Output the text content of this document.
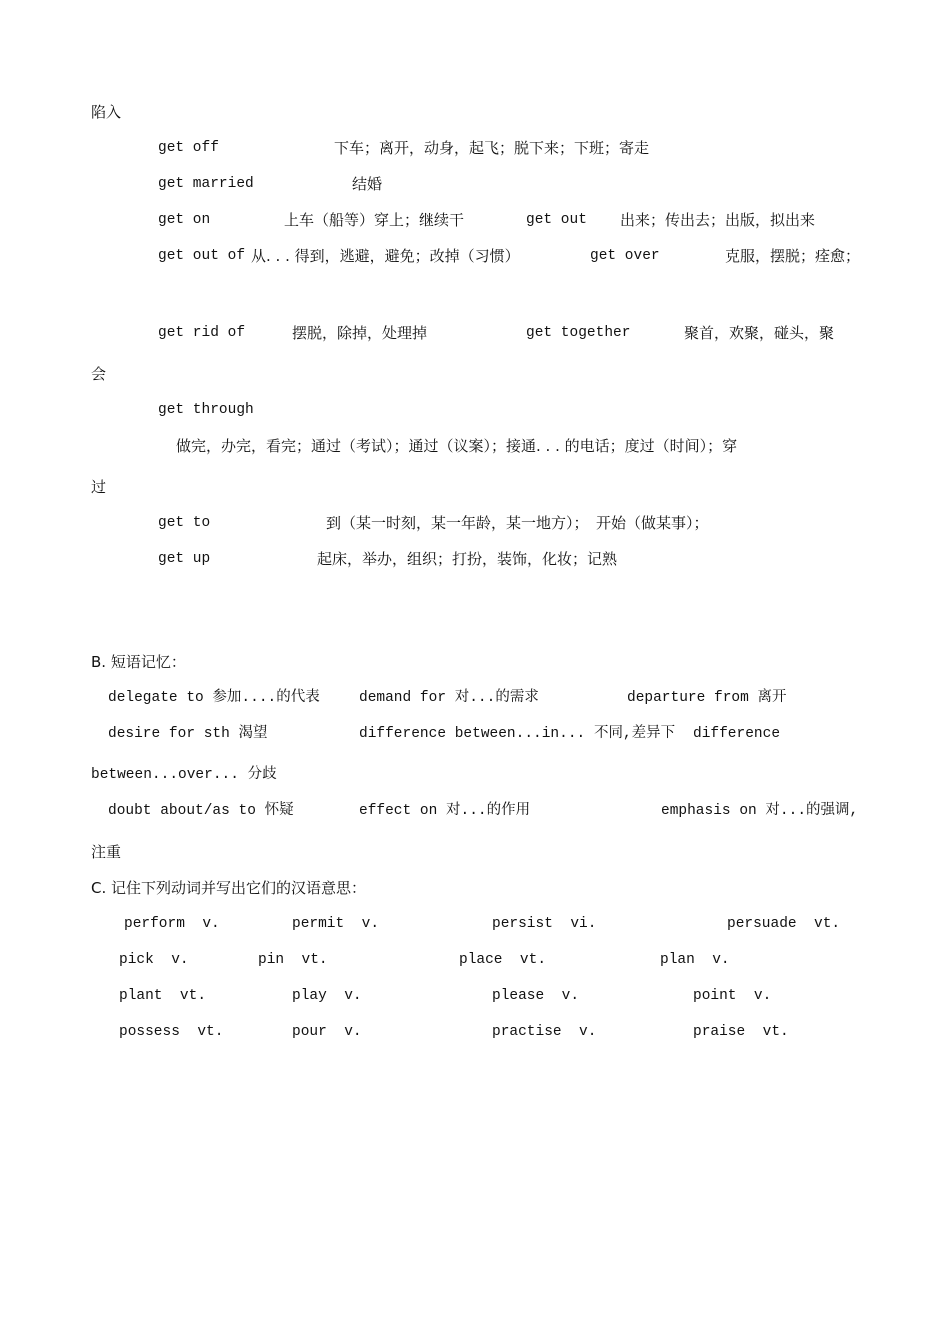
陷入
get off	下车；离开，动身，起飞；脱下来；下班；寄走
get married	结婚
get on	上车（船等）穿上；继续干	get out 出来；传出去；出版，拟出来
get out of 从. . . 得到，逃避，避免；改掉（习惯）	get over	克服，摆脱；痊愈；
get rid of	摆脱，除掉，处理掉	get together	聚首，欢聚，碰头，聚
会
get through
做完，办完，看完；通过（考试）；通过（议案）；接通. . . 的电话；度过（时间）；穿
过
get to	到（某一时刻，某一年龄，某一地方）；　开始（做某事）；
get up	起床，举办，组织；打扮，装饰，化妆；记熟
B. 短语记忆：
delegate to 参加....的代表	demand for 对...的需求	departure from 离开
desire for sth 渴望	difference between...in... 不同,差异下 difference
between...over... 分歧
doubt about/as to 怀疑	effect on 对...的作用	emphasis on 对...的强调,
注重
C. 记住下列动词并写出它们的汉语意思：
perform  v.	permit  v.	persist  vi.	persuade  vt.
pick  v.	pin  vt.	place  vt.	plan  v.
plant  vt.	play  v.	please  v.	point  v.
possess  vt.	pour  v.	practise  v.	praise  vt.
